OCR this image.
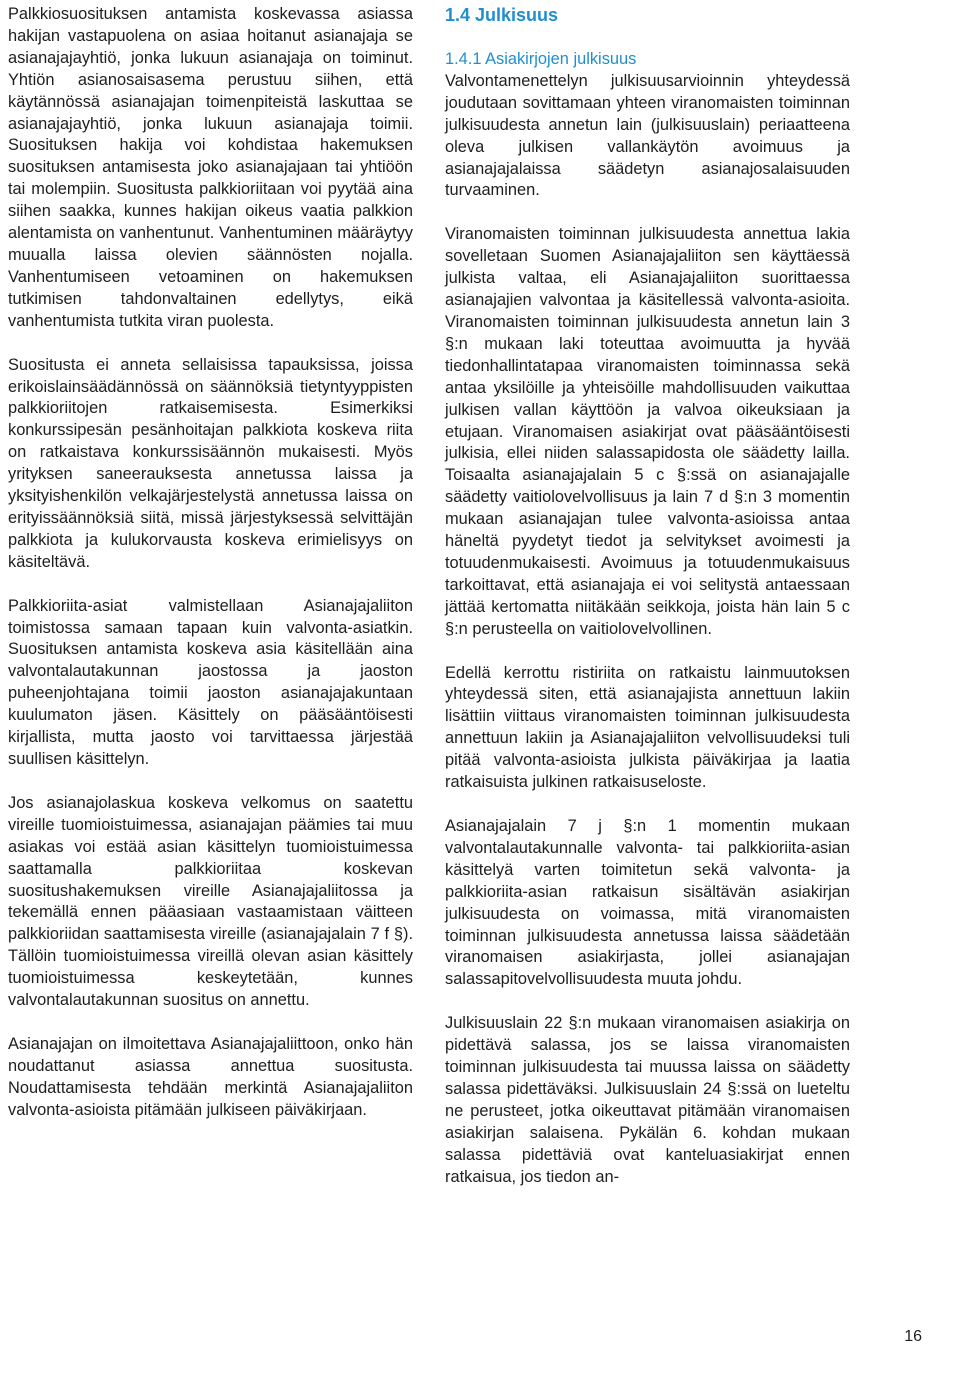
Palkkiosuosituksen antamista koskevassa asiassa hakijan vastapuolena on asiaa hoitanut asianajaja se asianajajayhtiö, jonka lukuun asianajaja on toiminut. Yhtiön asianosaisasema perustuu siihen, että käytännössä asianajajan toimenpiteistä laskuttaa se asianajajayhtiö, jonka lukuun asianajaja toimii. Suosituksen hakija voi kohdistaa hakemuksen suosituksen antamisesta joko asianajajaan tai yhtiöön tai molempiin. Suositusta palkkioriitaan voi pyytää aina siihen saakka, kunnes hakijan oikeus vaatia palkkion alentamista on vanhentunut. Vanhentuminen määräytyy muualla laissa olevien säännösten nojalla. Vanhentumiseen vetoaminen on hakemuksen tutkimisen tahdonvaltainen edellytys, eikä vanhentumista tutkita viran puolesta.

Suositusta ei anneta sellaisissa tapauksissa, joissa erikoislainsäädännössä on säännöksiä tietyntyyppisten palkkioriitojen ratkaisemisesta. Esimerkiksi konkurssipesän pesänhoitajan palkkiota koskeva riita on ratkaistava konkurssisäännön mukaisesti. Myös yrityksen saneerauksesta annetussa laissa ja yksityishenkilön velkajärjestelystä annetussa laissa on erityissäännöksiä siitä, missä järjestyksessä selvittäjän palkkiota ja kulukorvausta koskeva erimielisyys on käsiteltävä.

Palkkioriita-asiat valmistellaan Asianajajaliiton toimistossa samaan tapaan kuin valvonta-asiatkin. Suosituksen antamista koskeva asia käsitellään aina valvontalautakunnan jaostossa ja jaoston puheenjohtajana toimii jaoston asianajajakuntaan kuulumaton jäsen. Käsittely on pääsääntöisesti kirjallista, mutta jaosto voi tarvittaessa järjestää suullisen käsittelyn.

Jos asianajolaskua koskeva velkomus on saatettu vireille tuomioistuimessa, asianajajan päämies tai muu asiakas voi estää asian käsittelyn tuomioistuimessa saattamalla palkkioriitaa koskevan suositushakemuksen vireille Asianajajaliitossa ja tekemällä ennen pääasiaan vastaamistaan väitteen palkkioriidan saattamisesta vireille (asianajajalain 7 f §). Tällöin tuomioistuimessa vireillä olevan asian käsittely tuomioistuimessa keskeytetään, kunnes valvontalautakunnan suositus on annettu.

Asianajajan on ilmoitettava Asianajajaliittoon, onko hän noudattanut asiassa annettua suositusta. Noudattamisesta tehdään merkintä Asianajajaliiton valvonta-asioista pitämään julkiseen päiväkirjaan.

1.4 Julkisuus
1.4.1 Asiakirjojen julkisuus

Valvontamenettelyn julkisuusarvioinnin yhteydessä joudutaan sovittamaan yhteen viranomaisten toiminnan julkisuudesta annetun lain (julkisuuslain) periaatteena oleva julkisen vallankäytön avoimuus ja asianajajalaissa säädetyn asianajosalaisuuden turvaaminen.

Viranomaisten toiminnan julkisuudesta annettua lakia sovelletaan Suomen Asianajajaliiton sen käyttäessä julkista valtaa, eli Asianajajaliiton suorittaessa asianajajien valvontaa ja käsitellessä valvonta-asioita. Viranomaisten toiminnan julkisuudesta annetun lain 3 §:n mukaan laki toteuttaa avoimuutta ja hyvää tiedonhallintatapaa viranomaisten toiminnassa sekä antaa yksilöille ja yhteisöille mahdollisuuden vaikuttaa julkisen vallan käyttöön ja valvoa oikeuksiaan ja etujaan. Viranomaisen asiakirjat ovat pääsääntöisesti julkisia, ellei niiden salassapidosta ole säädetty lailla. Toisaalta asianajajalain 5 c §:ssä on asianajajalle säädetty vaitiolovelvollisuus ja lain 7 d §:n 3 momentin mukaan asianajajan tulee valvonta-asioissa antaa häneltä pyydetyt tiedot ja selvitykset avoimesti ja totuudenmukaisesti. Avoimuus ja totuudenmukaisuus tarkoittavat, että asianajaja ei voi selitystä antaessaan jättää kertomatta niitäkään seikkoja, joista hän lain 5 c §:n perusteella on vaitiolovelvollinen.

Edellä kerrottu ristiriita on ratkaistu lainmuutoksen yhteydessä siten, että asianajajista annettuun lakiin lisättiin viittaus viranomaisten toiminnan julkisuudesta annettuun lakiin ja Asianajajaliiton velvollisuudeksi tuli pitää valvonta-asioista julkista päiväkirjaa ja laatia ratkaisuista julkinen ratkaisuseloste.

Asianajajalain 7 j §:n 1 momentin mukaan valvontalautakunnalle valvonta- tai palkkioriita-asian käsittelyä varten toimitetun sekä valvonta- ja palkkioriita-asian ratkaisun sisältävän asiakirjan julkisuudesta on voimassa, mitä viranomaisten toiminnan julkisuudesta annetussa laissa säädetään viranomaisen asiakirjasta, jollei asianajajan salassapitovelvollisuudesta muuta johdu.

Julkisuuslain 22 §:n mukaan viranomaisen asiakirja on pidettävä salassa, jos se laissa viranomaisten toiminnan julkisuudesta tai muussa laissa on säädetty salassa pidettäväksi. Julkisuuslain 24 §:ssä on lueteltu ne perusteet, jotka oikeuttavat pitämään viranomaisen asiakirjan salaisena. Pykälän 6. kohdan mukaan salassa pidettäviä ovat kanteluasiakirjat ennen ratkaisua, jos tiedon an-

16
